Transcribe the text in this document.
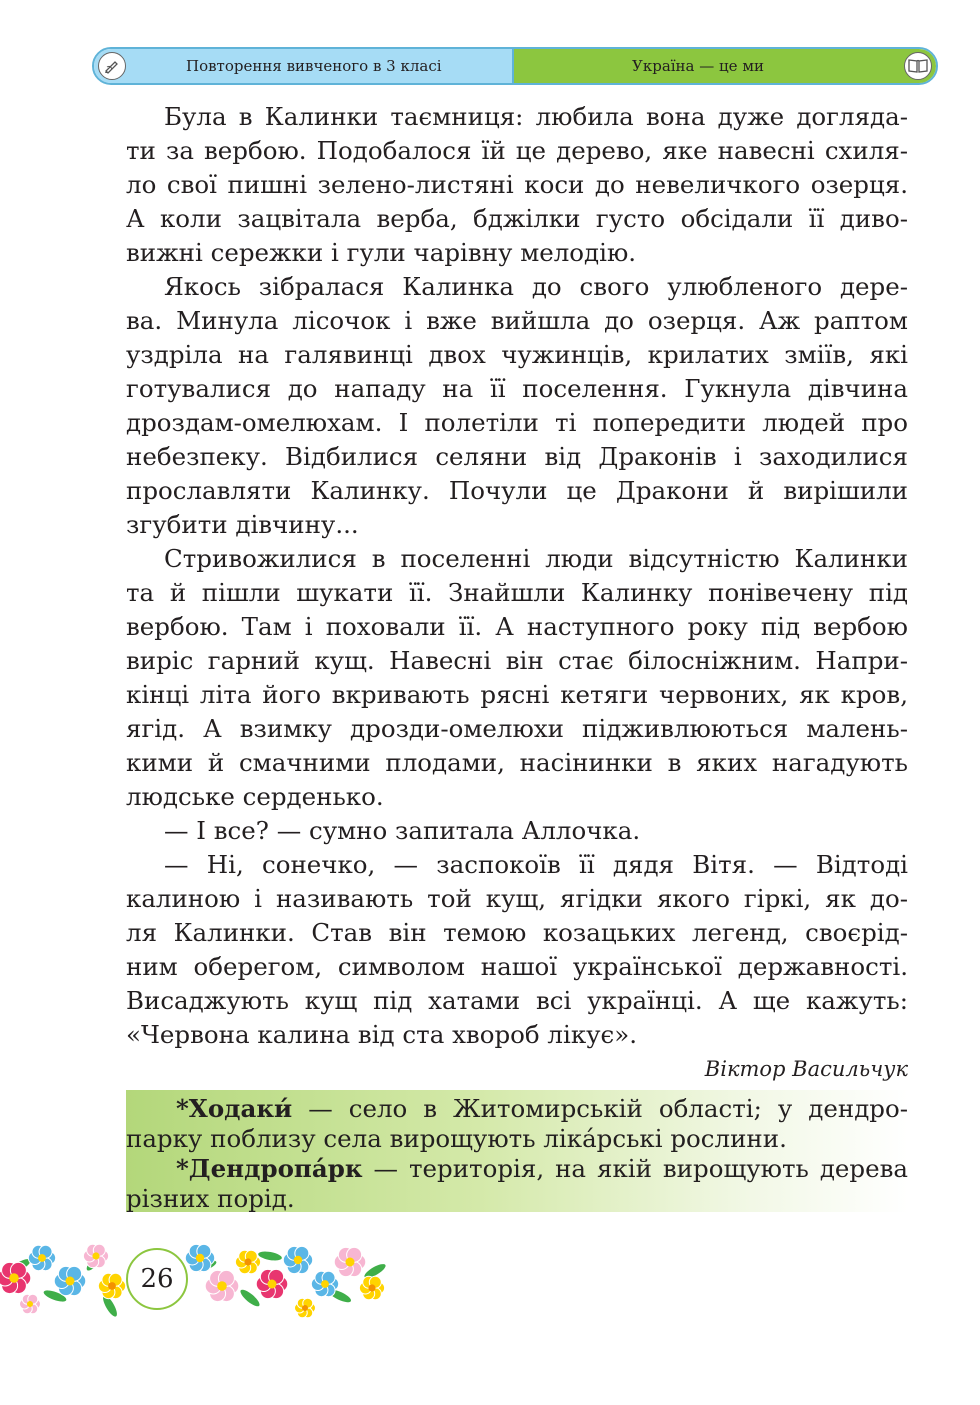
Повторення вивченого в 3 класі	Україна — це ми
Була в Калинки таємниця: любила вона дуже догляда-
ти за вербою. Подобалося їй це дерево, яке навесні схиля-
ло свої пишні зелено-листяні коси до невеличкого озерця.
А коли зацвітала верба, бджілки густо обсідали її диво-
вижні сережки і гули чарівну мелодію.
Якось зібралася Калинка до свого улюбленого дере-
ва. Минула лісочок і вже вийшла до озерця. Аж раптом
уздріла на галявинці двох чужинців, крилатих зміїв, які
готувалися до нападу на її поселення. Гукнула дівчина
дроздам-омелюхам. І полетіли ті попередити людей про
небезпеку. Відбилися селяни від Драконів і заходилися
прославляти Калинку. Почули це Дракони й вирішили
згубити дівчину...
Стривожилися в поселенні люди відсутністю Калинки
та й пішли шукати її. Знайшли Калинку понівечену під
вербою. Там і поховали її. А наступного року під вербою
виріс гарний кущ. Навесні він стає білосніжним. Напри-
кінці літа його вкривають рясні кетяги червоних, як кров,
ягід. А взимку дрозди-омелюхи підживлюються малень-
кими й смачними плодами, насінинки в яких нагадують
людське серденько.
— І все? — сумно запитала Аллочка.
— Ні, сонечко, — заспокоїв її дядя Вітя. — Відтоді
калиною і називають той кущ, ягідки якого гіркі, як до-
ля Калинки. Став він темою козацьких легенд, своєрід-
ним оберегом, символом нашої української державності.
Висаджують кущ під хатами всі українці. А ще кажуть:
«Червона калина від ста хвороб лікує».

Віктор Васильчук

*Ходаки́ — село в Житомирській області; у дендро-
парку поблизу села вирощують ліка́рські рослини.
*Дендропа́рк — територія, на якій вирощують дерева
різних порід.
26
